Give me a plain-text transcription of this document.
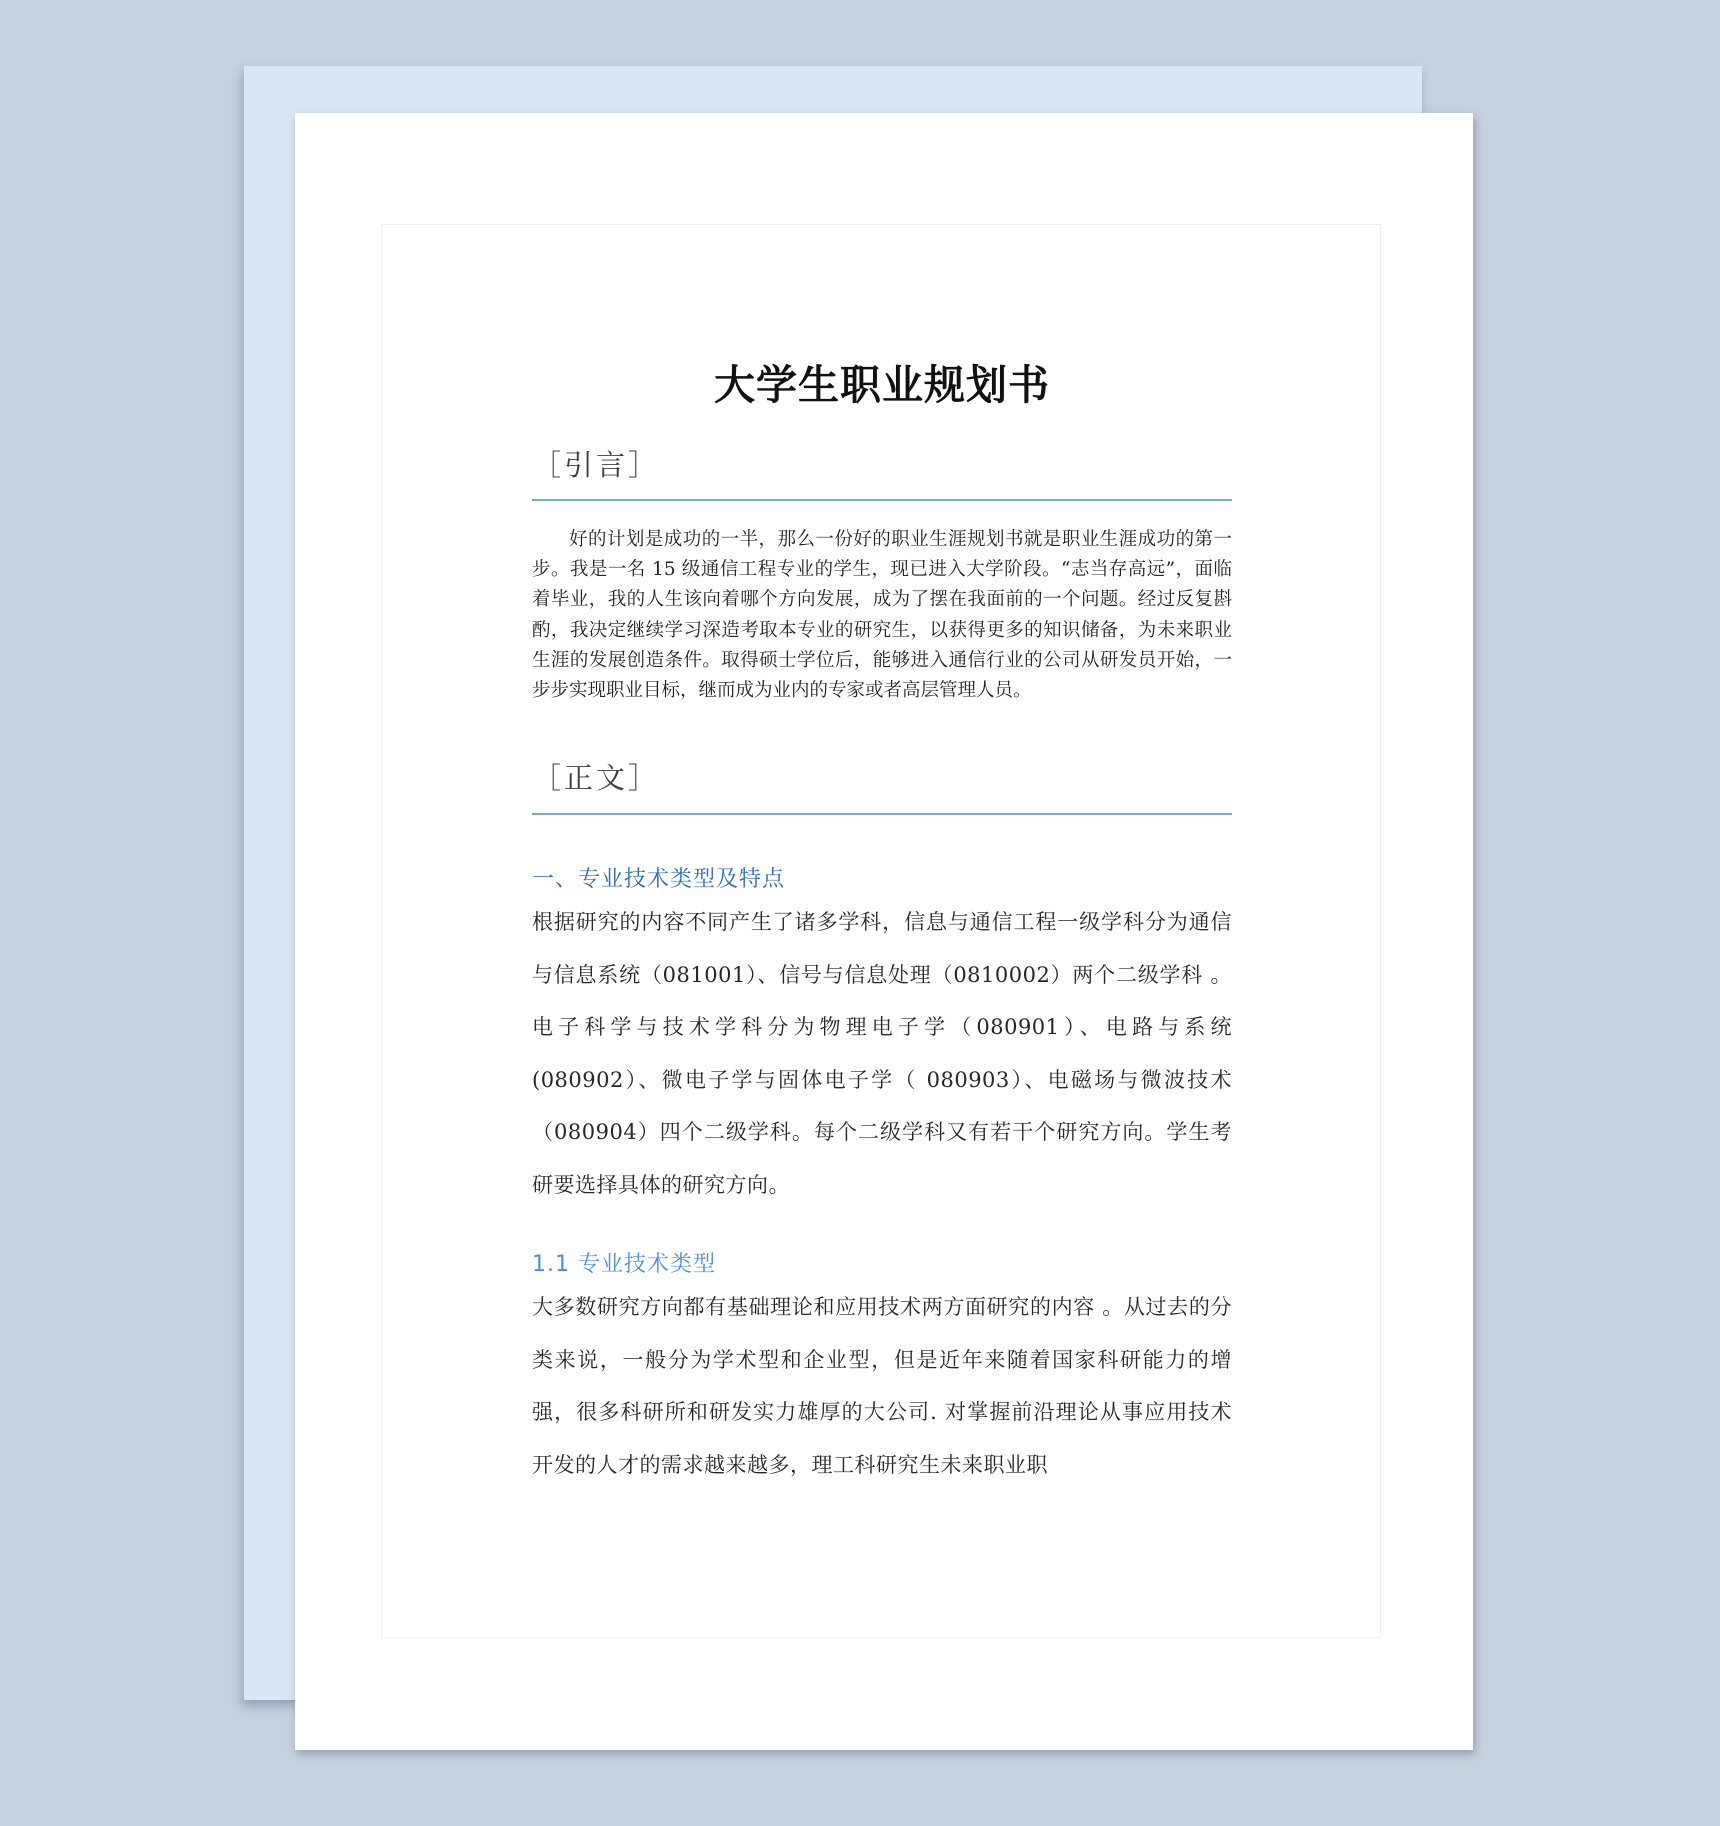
大学生职业规划书
［引言］

好的计划是成功的一半，那么一份好的职业生涯规划书就是职业生涯成功的第一步。我是一名 15 级通信工程专业的学生，现已进入大学阶段。“志当存高远”，面临着毕业，我的人生该向着哪个方向发展，成为了摆在我面前的一个问题。经过反复斟酌，我决定继续学习深造考取本专业的研究生，以获得更多的知识储备，为未来职业生涯的发展创造条件。取得硕士学位后，能够进入通信行业的公司从研发员开始，一步步实现职业目标，继而成为业内的专家或者高层管理人员。

［正文］
一、专业技术类型及特点

根据研究的内容不同产生了诸多学科，信息与通信工程一级学科分为通信与信息系统（081001）、信号与信息处理（0810002）两个二级学科 。电子科学与技术学科分为物理电子学（080901）、电路与系统(080902）、微电子学与固体电子学（ 080903）、电磁场与微波技术（080904）四个二级学科。每个二级学科又有若干个研究方向。学生考研要选择具体的研究方向。

1.1 专业技术类型

大多数研究方向都有基础理论和应用技术两方面研究的内容 。从过去的分类来说，一般分为学术型和企业型，但是近年来随着国家科研能力的增强，很多科研所和研发实力雄厚的大公司. 对掌握前沿理论从事应用技术开发的人才的需求越来越多，理工科研究生未来职业职
